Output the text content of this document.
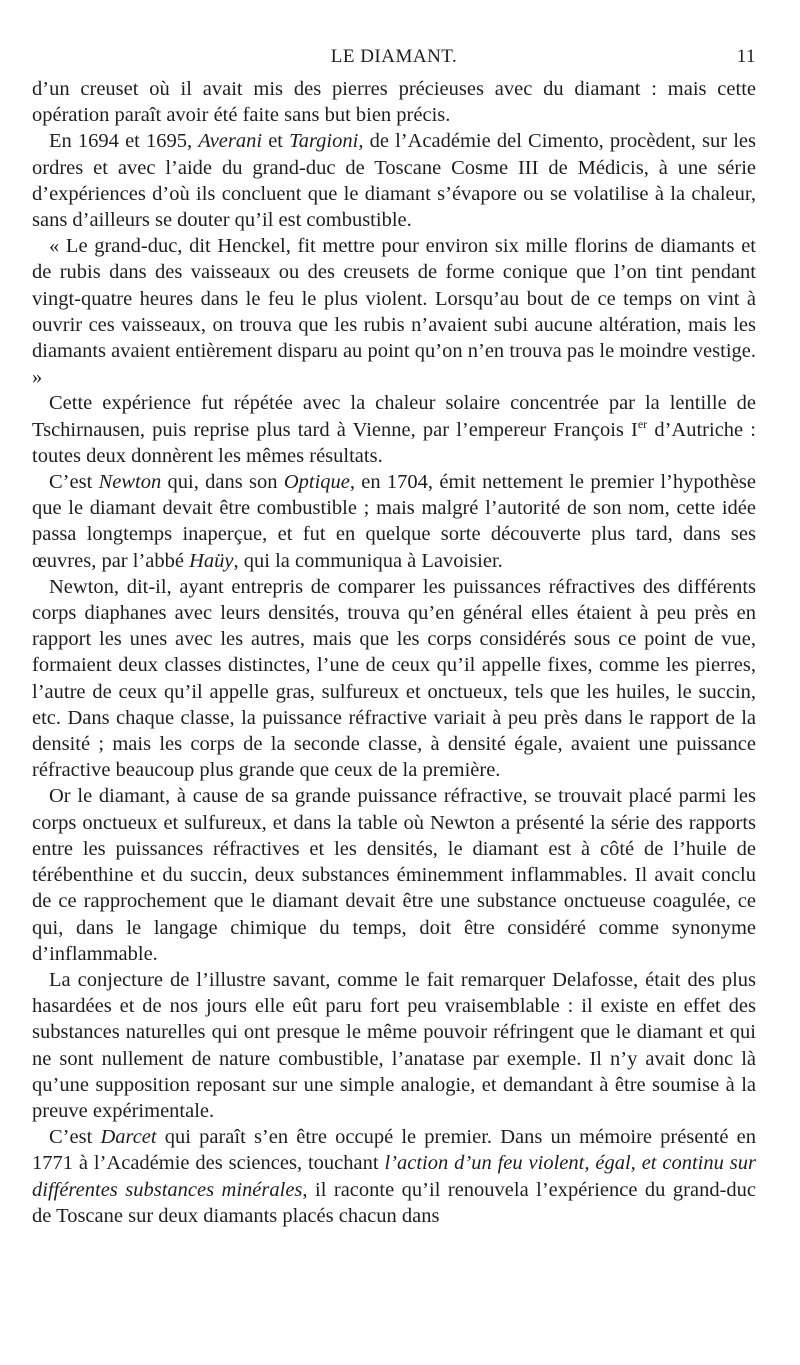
LE DIAMANT.	11

d’un creuset où il avait mis des pierres précieuses avec du diamant : mais cette opération paraît avoir été faite sans but bien précis.

En 1694 et 1695, Averani et Targioni, de l’Académie del Cimento, procèdent, sur les ordres et avec l’aide du grand-duc de Toscane Cosme III de Médicis, à une série d’expériences d’où ils concluent que le diamant s’évapore ou se volatilise à la chaleur, sans d’ailleurs se douter qu’il est combustible.

« Le grand-duc, dit Henckel, fit mettre pour environ six mille florins de diamants et de rubis dans des vaisseaux ou des creusets de forme conique que l’on tint pendant vingt-quatre heures dans le feu le plus violent. Lorsqu’au bout de ce temps on vint à ouvrir ces vaisseaux, on trouva que les rubis n’avaient subi aucune altération, mais les diamants avaient entièrement disparu au point qu’on n’en trouva pas le moindre vestige. »

Cette expérience fut répétée avec la chaleur solaire concentrée par la lentille de Tschirnausen, puis reprise plus tard à Vienne, par l’empereur François Ier d’Autriche : toutes deux donnèrent les mêmes résultats.

C’est Newton qui, dans son Optique, en 1704, émit nettement le premier l’hypothèse que le diamant devait être combustible ; mais malgré l’autorité de son nom, cette idée passa longtemps inaperçue, et fut en quelque sorte découverte plus tard, dans ses œuvres, par l’abbé Haüy, qui la communiqua à Lavoisier.

Newton, dit-il, ayant entrepris de comparer les puissances réfractives des différents corps diaphanes avec leurs densités, trouva qu’en général elles étaient à peu près en rapport les unes avec les autres, mais que les corps considérés sous ce point de vue, formaient deux classes distinctes, l’une de ceux qu’il appelle fixes, comme les pierres, l’autre de ceux qu’il appelle gras, sulfureux et onctueux, tels que les huiles, le succin, etc. Dans chaque classe, la puissance réfractive variait à peu près dans le rapport de la densité ; mais les corps de la seconde classe, à densité égale, avaient une puissance réfractive beaucoup plus grande que ceux de la première.

Or le diamant, à cause de sa grande puissance réfractive, se trouvait placé parmi les corps onctueux et sulfureux, et dans la table où Newton a présenté la série des rapports entre les puissances réfractives et les densités, le diamant est à côté de l’huile de térébenthine et du succin, deux substances éminemment inflammables. Il avait conclu de ce rapprochement que le diamant devait être une substance onctueuse coagulée, ce qui, dans le langage chimique du temps, doit être considéré comme synonyme d’inflammable.

La conjecture de l’illustre savant, comme le fait remarquer Delafosse, était des plus hasardées et de nos jours elle eût paru fort peu vraisemblable : il existe en effet des substances naturelles qui ont presque le même pouvoir réfringent que le diamant et qui ne sont nullement de nature combustible, l’anatase par exemple. Il n’y avait donc là qu’une supposition reposant sur une simple analogie, et demandant à être soumise à la preuve expérimentale.

C’est Darcet qui paraît s’en être occupé le premier. Dans un mémoire présenté en 1771 à l’Académie des sciences, touchant l’action d’un feu violent, égal, et continu sur différentes substances minérales, il raconte qu’il renouvela l’expérience du grand-duc de Toscane sur deux diamants placés chacun dans
